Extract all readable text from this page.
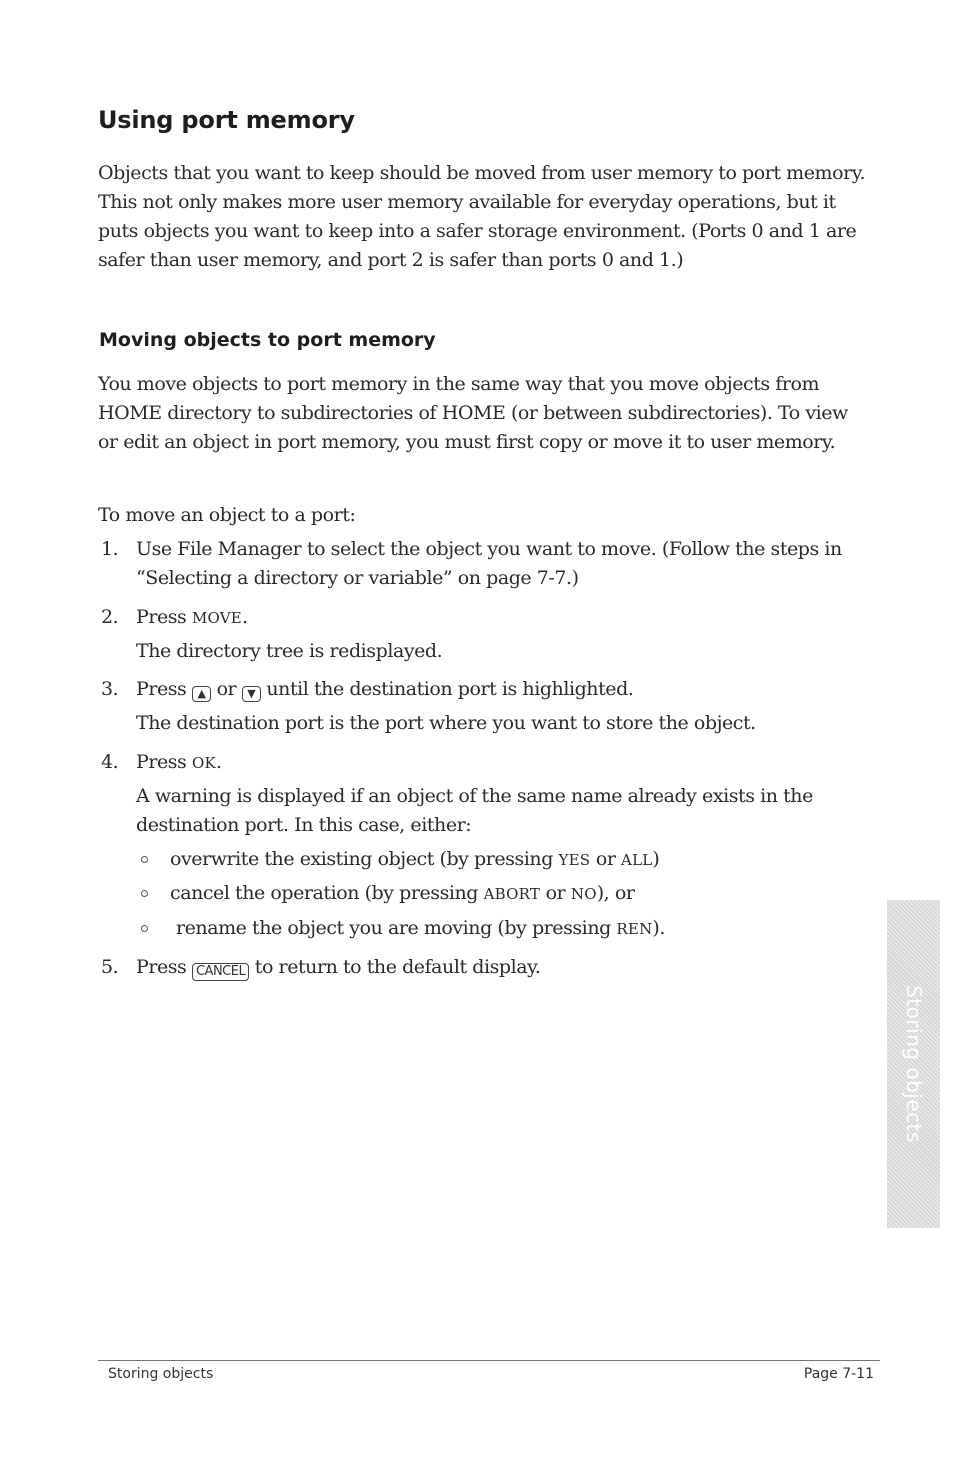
Using port memory

Objects that you want to keep should be moved from user memory to port memory. This not only makes more user memory available for everyday operations, but it puts objects you want to keep into a safer storage environment. (Ports 0 and 1 are safer than user memory, and port 2 is safer than ports 0 and 1.)

Moving objects to port memory

You move objects to port memory in the same way that you move objects from HOME directory to subdirectories of HOME (or between subdirectories). To view or edit an object in port memory, you must first copy or move it to user memory.

To move an object to a port:

1. Use File Manager to select the object you want to move. (Follow the steps in “Selecting a directory or variable” on page 7-7.)

2. Press MOVE.

The directory tree is redisplayed.

3. Press ▲ or ▼ until the destination port is highlighted.

The destination port is the port where you want to store the object.

4. Press OK.

A warning is displayed if an object of the same name already exists in the destination port. In this case, either:

overwrite the existing object (by pressing YES or ALL)

cancel the operation (by pressing ABORT or NO), or

rename the object you are moving (by pressing REN).

5. Press CANCEL to return to the default display.

Storing objects
Storing objects	Page 7-11
